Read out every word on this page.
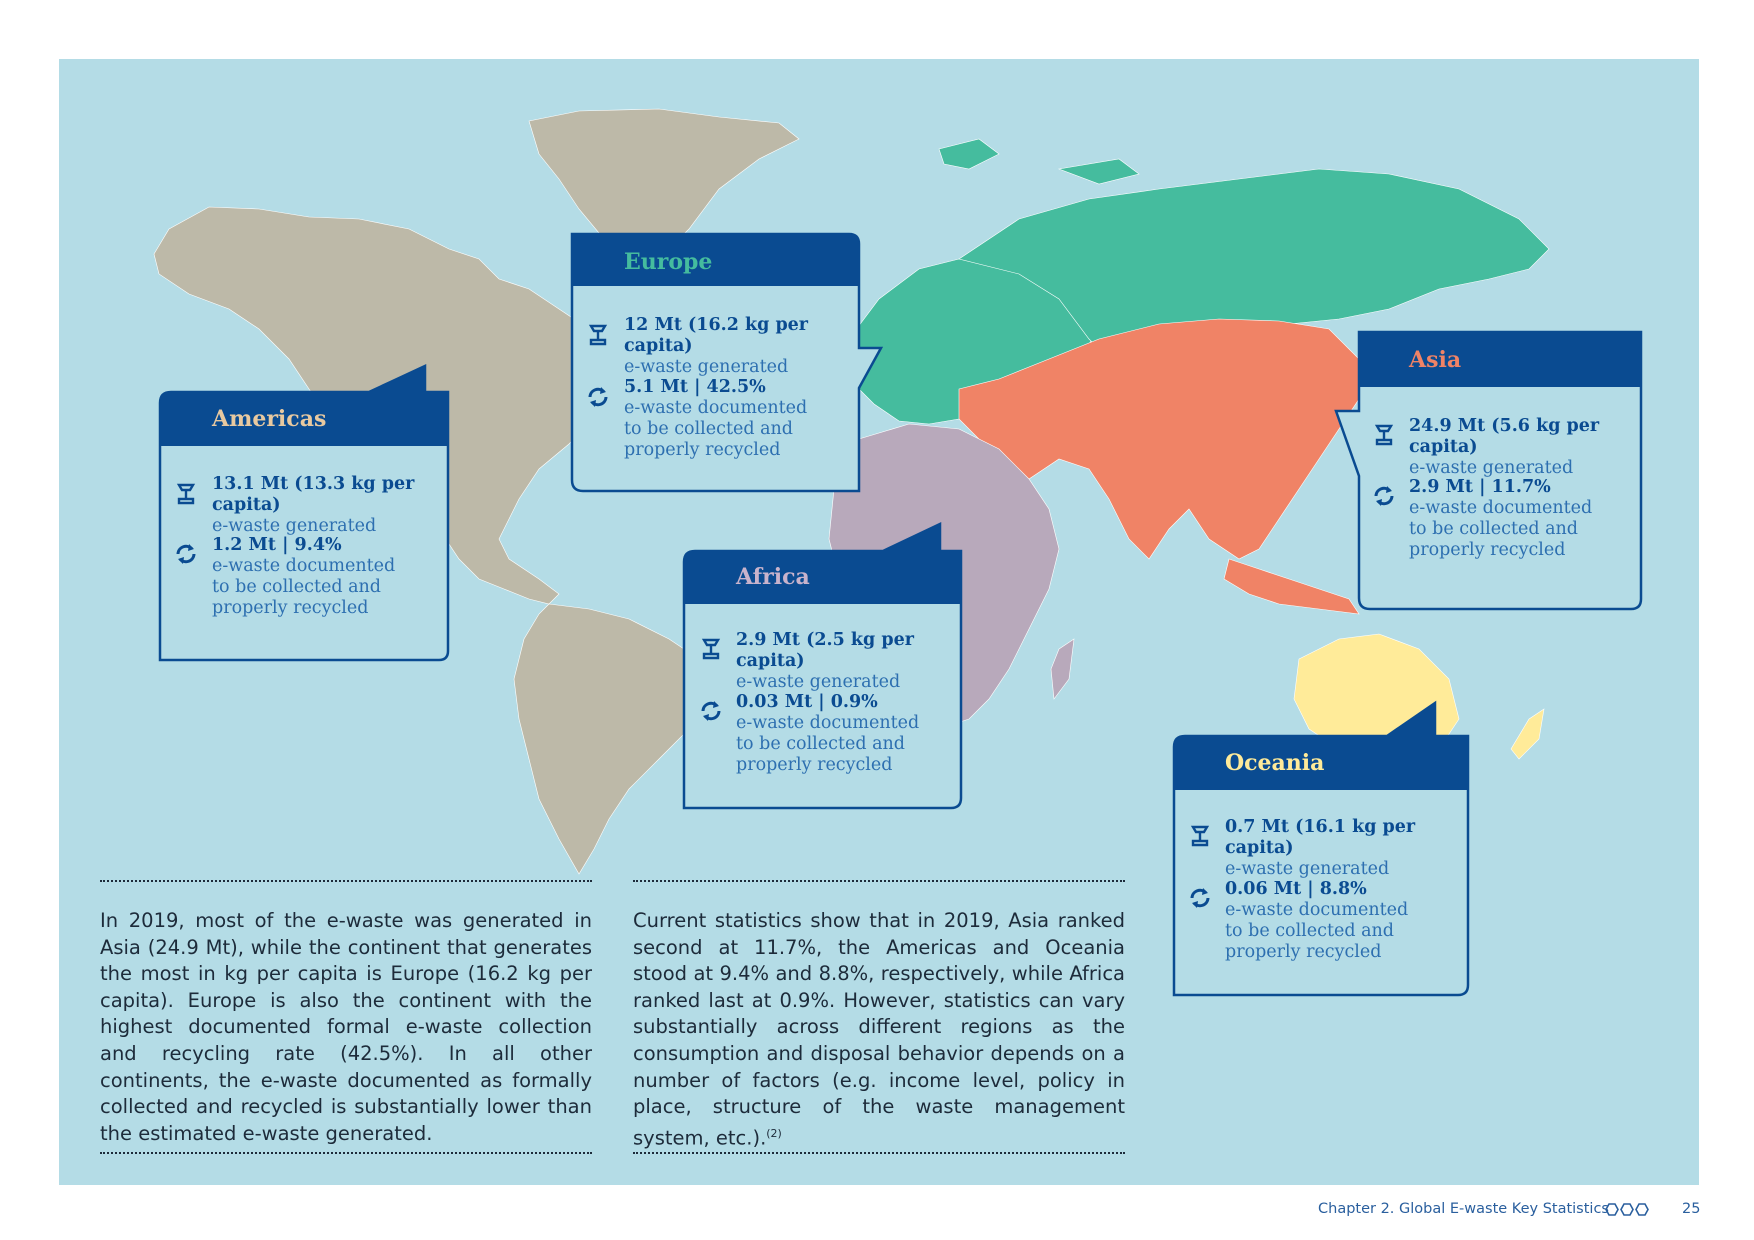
Americas
13.1 Mt (13.3 kg per capita)
e-waste generated
1.2 Mt | 9.4%
e-waste documented
to be collected and
properly recycled
Europe
12 Mt (16.2 kg per capita)
e-waste generated
5.1 Mt | 42.5%
e-waste documented
to be collected and
properly recycled
Africa
2.9 Mt (2.5 kg per capita)
e-waste generated
0.03 Mt | 0.9%
e-waste documented
to be collected and
properly recycled
Asia
24.9 Mt (5.6 kg per capita)
e-waste generated
2.9 Mt | 11.7%
e-waste documented
to be collected and
properly recycled
Oceania
0.7 Mt (16.1 kg per capita)
e-waste generated
0.06 Mt | 8.8%
e-waste documented
to be collected and
properly recycled
In 2019, most of the e-waste was generated in Asia (24.9 Mt), while the continent that generates the most in kg per capita is Europe (16.2 kg per capita). Europe is also the continent with the highest documented formal e-waste collection and recycling rate (42.5%). In all other continents, the e-waste documented as formally collected and recycled is substantially lower than the estimated e-waste generated.
Current statistics show that in 2019, Asia ranked second at 11.7%, the Americas and Oceania stood at 9.4% and 8.8%, respectively, while Africa ranked last at 0.9%. However, statistics can vary substantially across different regions as the consumption and disposal behavior depends on a number of factors (e.g. income level, policy in place, structure of the waste management system, etc.).$^{(2)}$
Chapter 2. Global E-waste Key Statistics	25
